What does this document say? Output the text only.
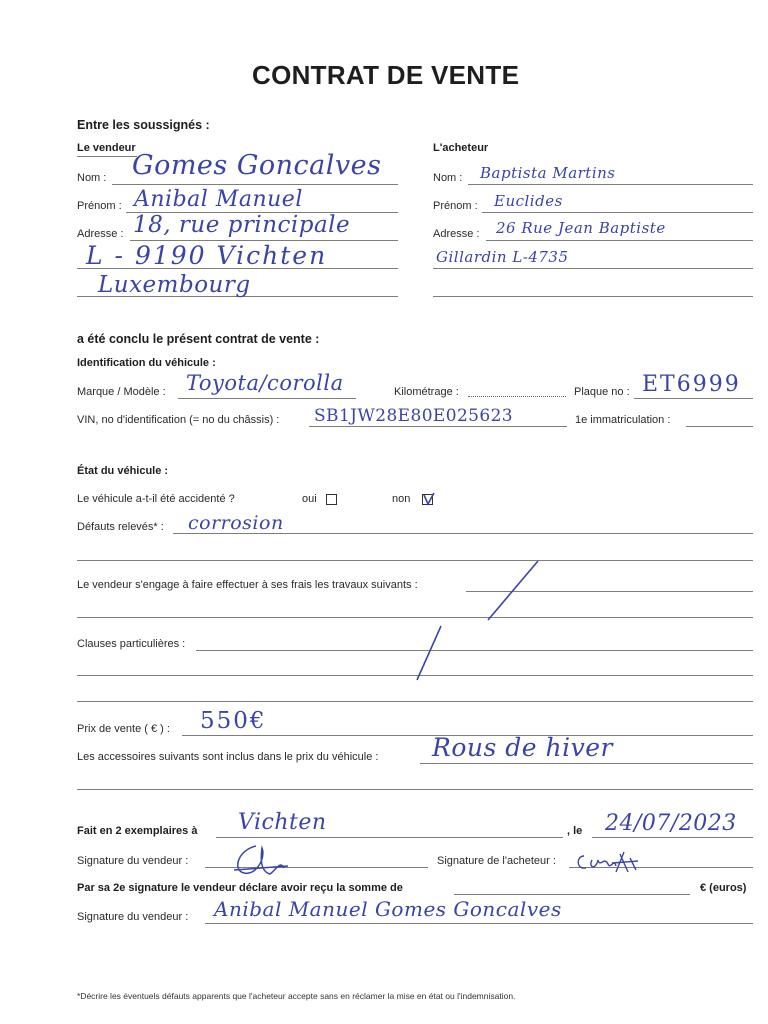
CONTRAT DE VENTE
Entre les soussignés :
Le vendeur
Nom : Gomes Goncalves
Prénom : Anibal Manuel
Adresse : 18, rue principale
L - 9190 Vichten
Luxembourg
L'acheteur
Nom : Baptista Martins
Prénom : Euclides
Adresse : 26 Rue Jean Baptiste
Gillardin L-4735
a été conclu le présent contrat de vente :
Identification du véhicule :
Marque / Modèle : Toyota/corolla	Kilométrage :	Plaque no : ET6999
VIN, no d'identification (= no du châssis) : SB1JW28E80E025623	1e immatriculation :
État du véhicule :
Le véhicule a-t-il été accidenté ?	oui	non
Défauts relevés* : corrosion
Le vendeur s'engage à faire effectuer à ses frais les travaux suivants :
Clauses particulières :
Prix de vente ( € ) : 550€
Les accessoires suivants sont inclus dans le prix du véhicule : Rous de hiver
Fait en 2 exemplaires à Vichten	, le 24/07/2023
Signature du vendeur :	Signature de l'acheteur :
Par sa 2e signature le vendeur déclare avoir reçu la somme de	€ (euros)
Signature du vendeur : Anibal Manuel Gomes Goncalves
*Décrire les éventuels défauts apparents que l'acheteur accepte sans en réclamer la mise en état ou l'indemnisation.
